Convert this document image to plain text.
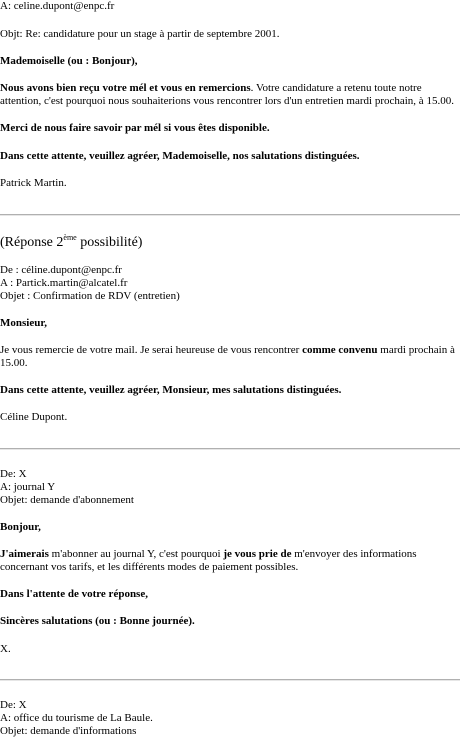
A: celine.dupont@enpc.fr
Objt: Re: candidature pour un stage à partir de septembre 2001.
Mademoiselle (ou : Bonjour),
Nous avons bien reçu votre mél et vous en remercions. Votre candidature a retenu toute notre attention, c'est pourquoi nous souhaiterions vous rencontrer lors d'un entretien mardi prochain, à 15.00.
Merci de nous faire savoir par mél si vous êtes disponible.
Dans cette attente, veuillez agréer, Mademoiselle, nos salutations distinguées.
Patrick Martin.
(Réponse 2ème possibilité)
De : céline.dupont@enpc.fr
A : Partick.martin@alcatel.fr
Objet : Confirmation de RDV (entretien)
Monsieur,
Je vous remercie de votre mail. Je serai heureuse de vous rencontrer comme convenu mardi prochain à 15.00.
Dans cette attente, veuillez agréer, Monsieur, mes salutations distinguées.
Céline Dupont.
De: X
A: journal Y
Objet: demande d'abonnement
Bonjour,
J'aimerais m'abonner au journal Y, c'est pourquoi je vous prie de m'envoyer des informations concernant vos tarifs, et les différents modes de paiement possibles.
Dans l'attente de votre réponse,
Sincères salutations (ou : Bonne journée).
X.
De: X
A: office du tourisme de La Baule.
Objet: demande d'informations
